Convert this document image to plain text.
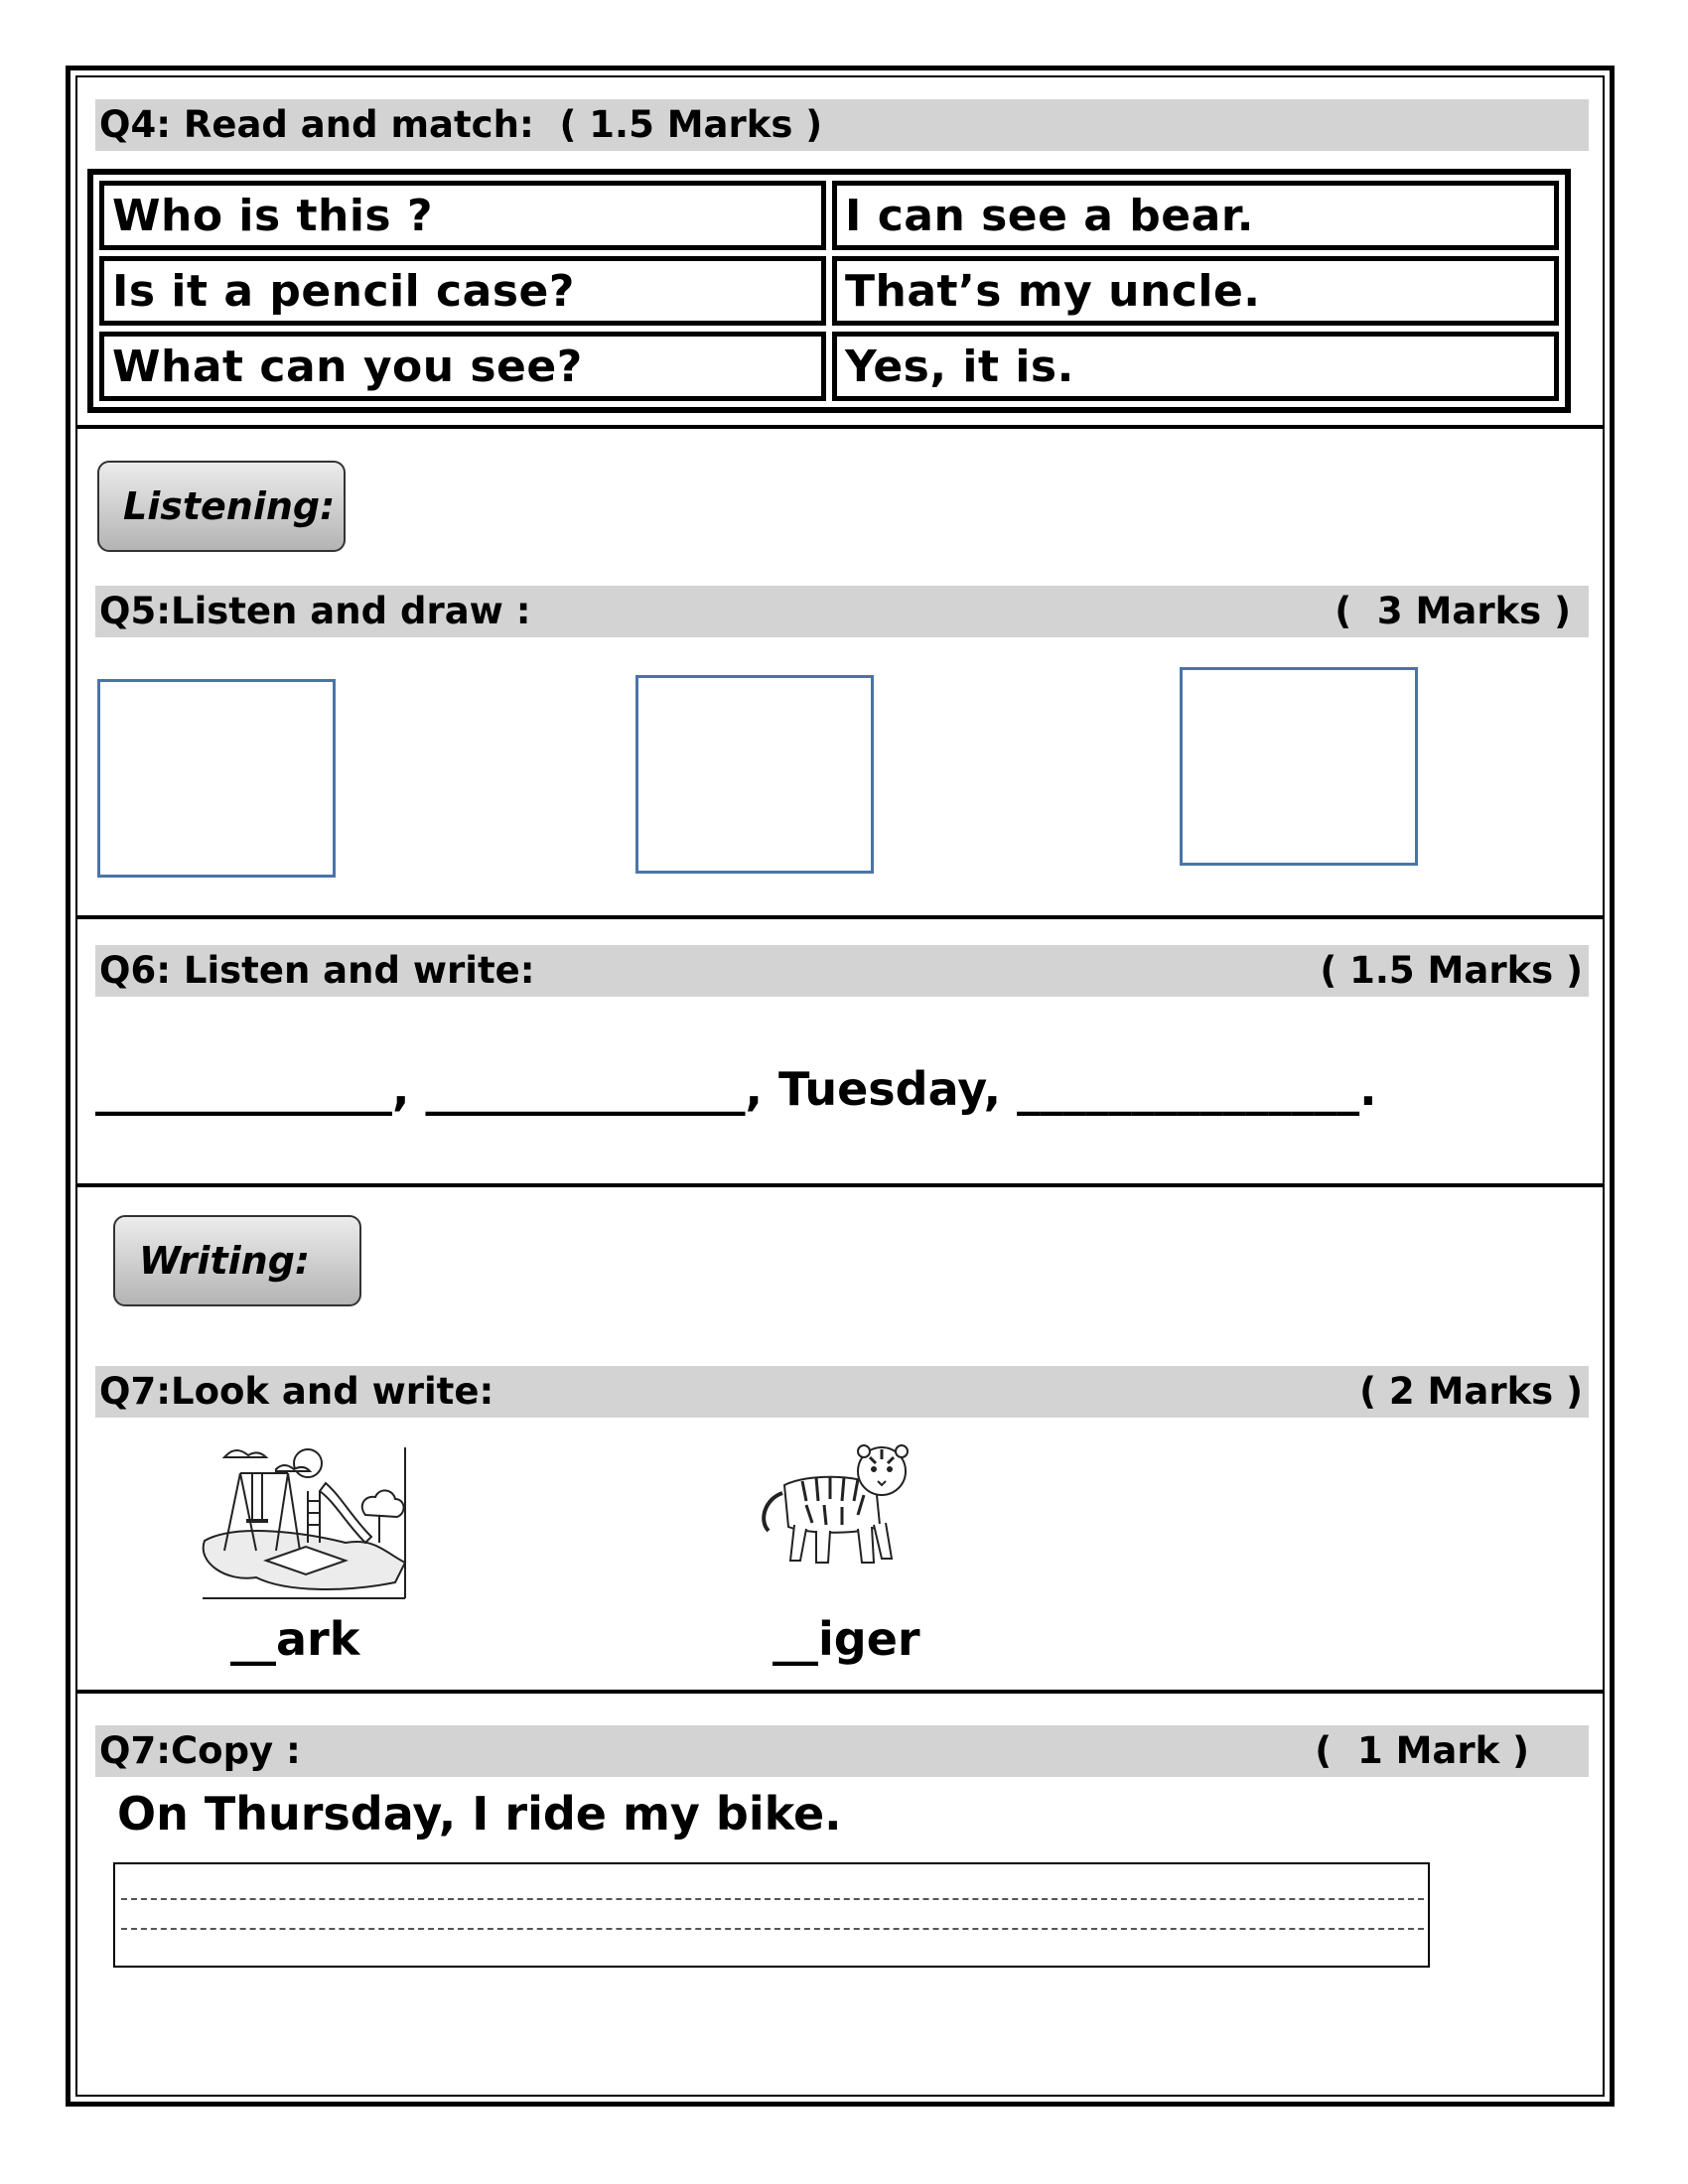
Q4: Read and match:  ( 1.5 Marks )
Who is this ?	I can see a bear.
Is it a pencil case?	That’s my uncle.
What can you see?	Yes, it is.
Listening:
Q5:Listen and draw :	(  3 Marks )
Q6: Listen and write:	( 1.5 Marks )
_____________, ______________, Tuesday, _______________.
Writing:
Q7:Look and write:	( 2 Marks )
__ark	__iger
Q7:Copy :	(  1 Mark )
On Thursday, I ride my bike.
